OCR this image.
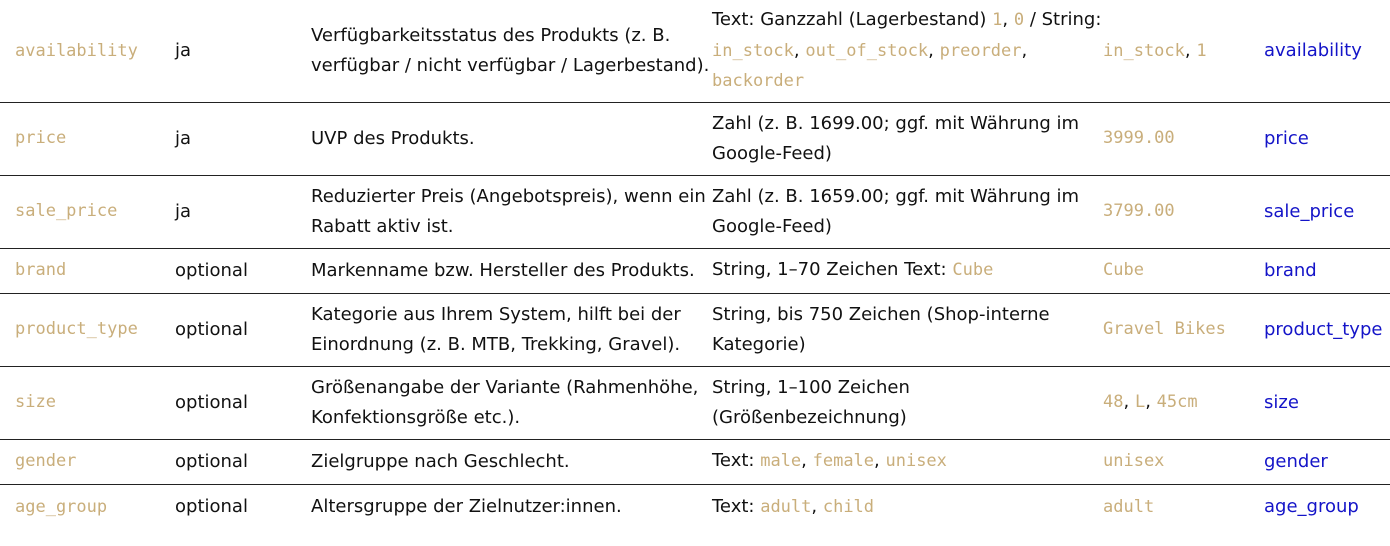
availability	ja	Verfügbarkeitsstatus des Produkts (z. B. verfügbar / nicht verfügbar / Lagerbestand).	Text: Ganzzahl (Lagerbestand) 1, 0 / String: in_stock, out_of_stock, preorder, backorder	in_stock, 1	availability
price	ja	UVP des Produkts.	Zahl (z. B. 1699.00; ggf. mit Währung im Google-Feed)	3999.00	price
sale_price	ja	Reduzierter Preis (Angebotspreis), wenn ein Rabatt aktiv ist.	Zahl (z. B. 1659.00; ggf. mit Währung im Google-Feed)	3799.00	sale_price
brand	optional	Markenname bzw. Hersteller des Produkts.	String, 1–70 Zeichen Text: Cube	Cube	brand
product_type	optional	Kategorie aus Ihrem System, hilft bei der Einordnung (z. B. MTB, Trekking, Gravel).	String, bis 750 Zeichen (Shop-interne Kategorie)	Gravel Bikes	product_type
size	optional	Größenangabe der Variante (Rahmenhöhe, Konfektionsgröße etc.).	String, 1–100 Zeichen (Größenbezeichnung)	48, L, 45cm	size
gender	optional	Zielgruppe nach Geschlecht.	Text: male, female, unisex	unisex	gender
age_group	optional	Altersgruppe der Zielnutzer:innen.	Text: adult, child	adult	age_group
